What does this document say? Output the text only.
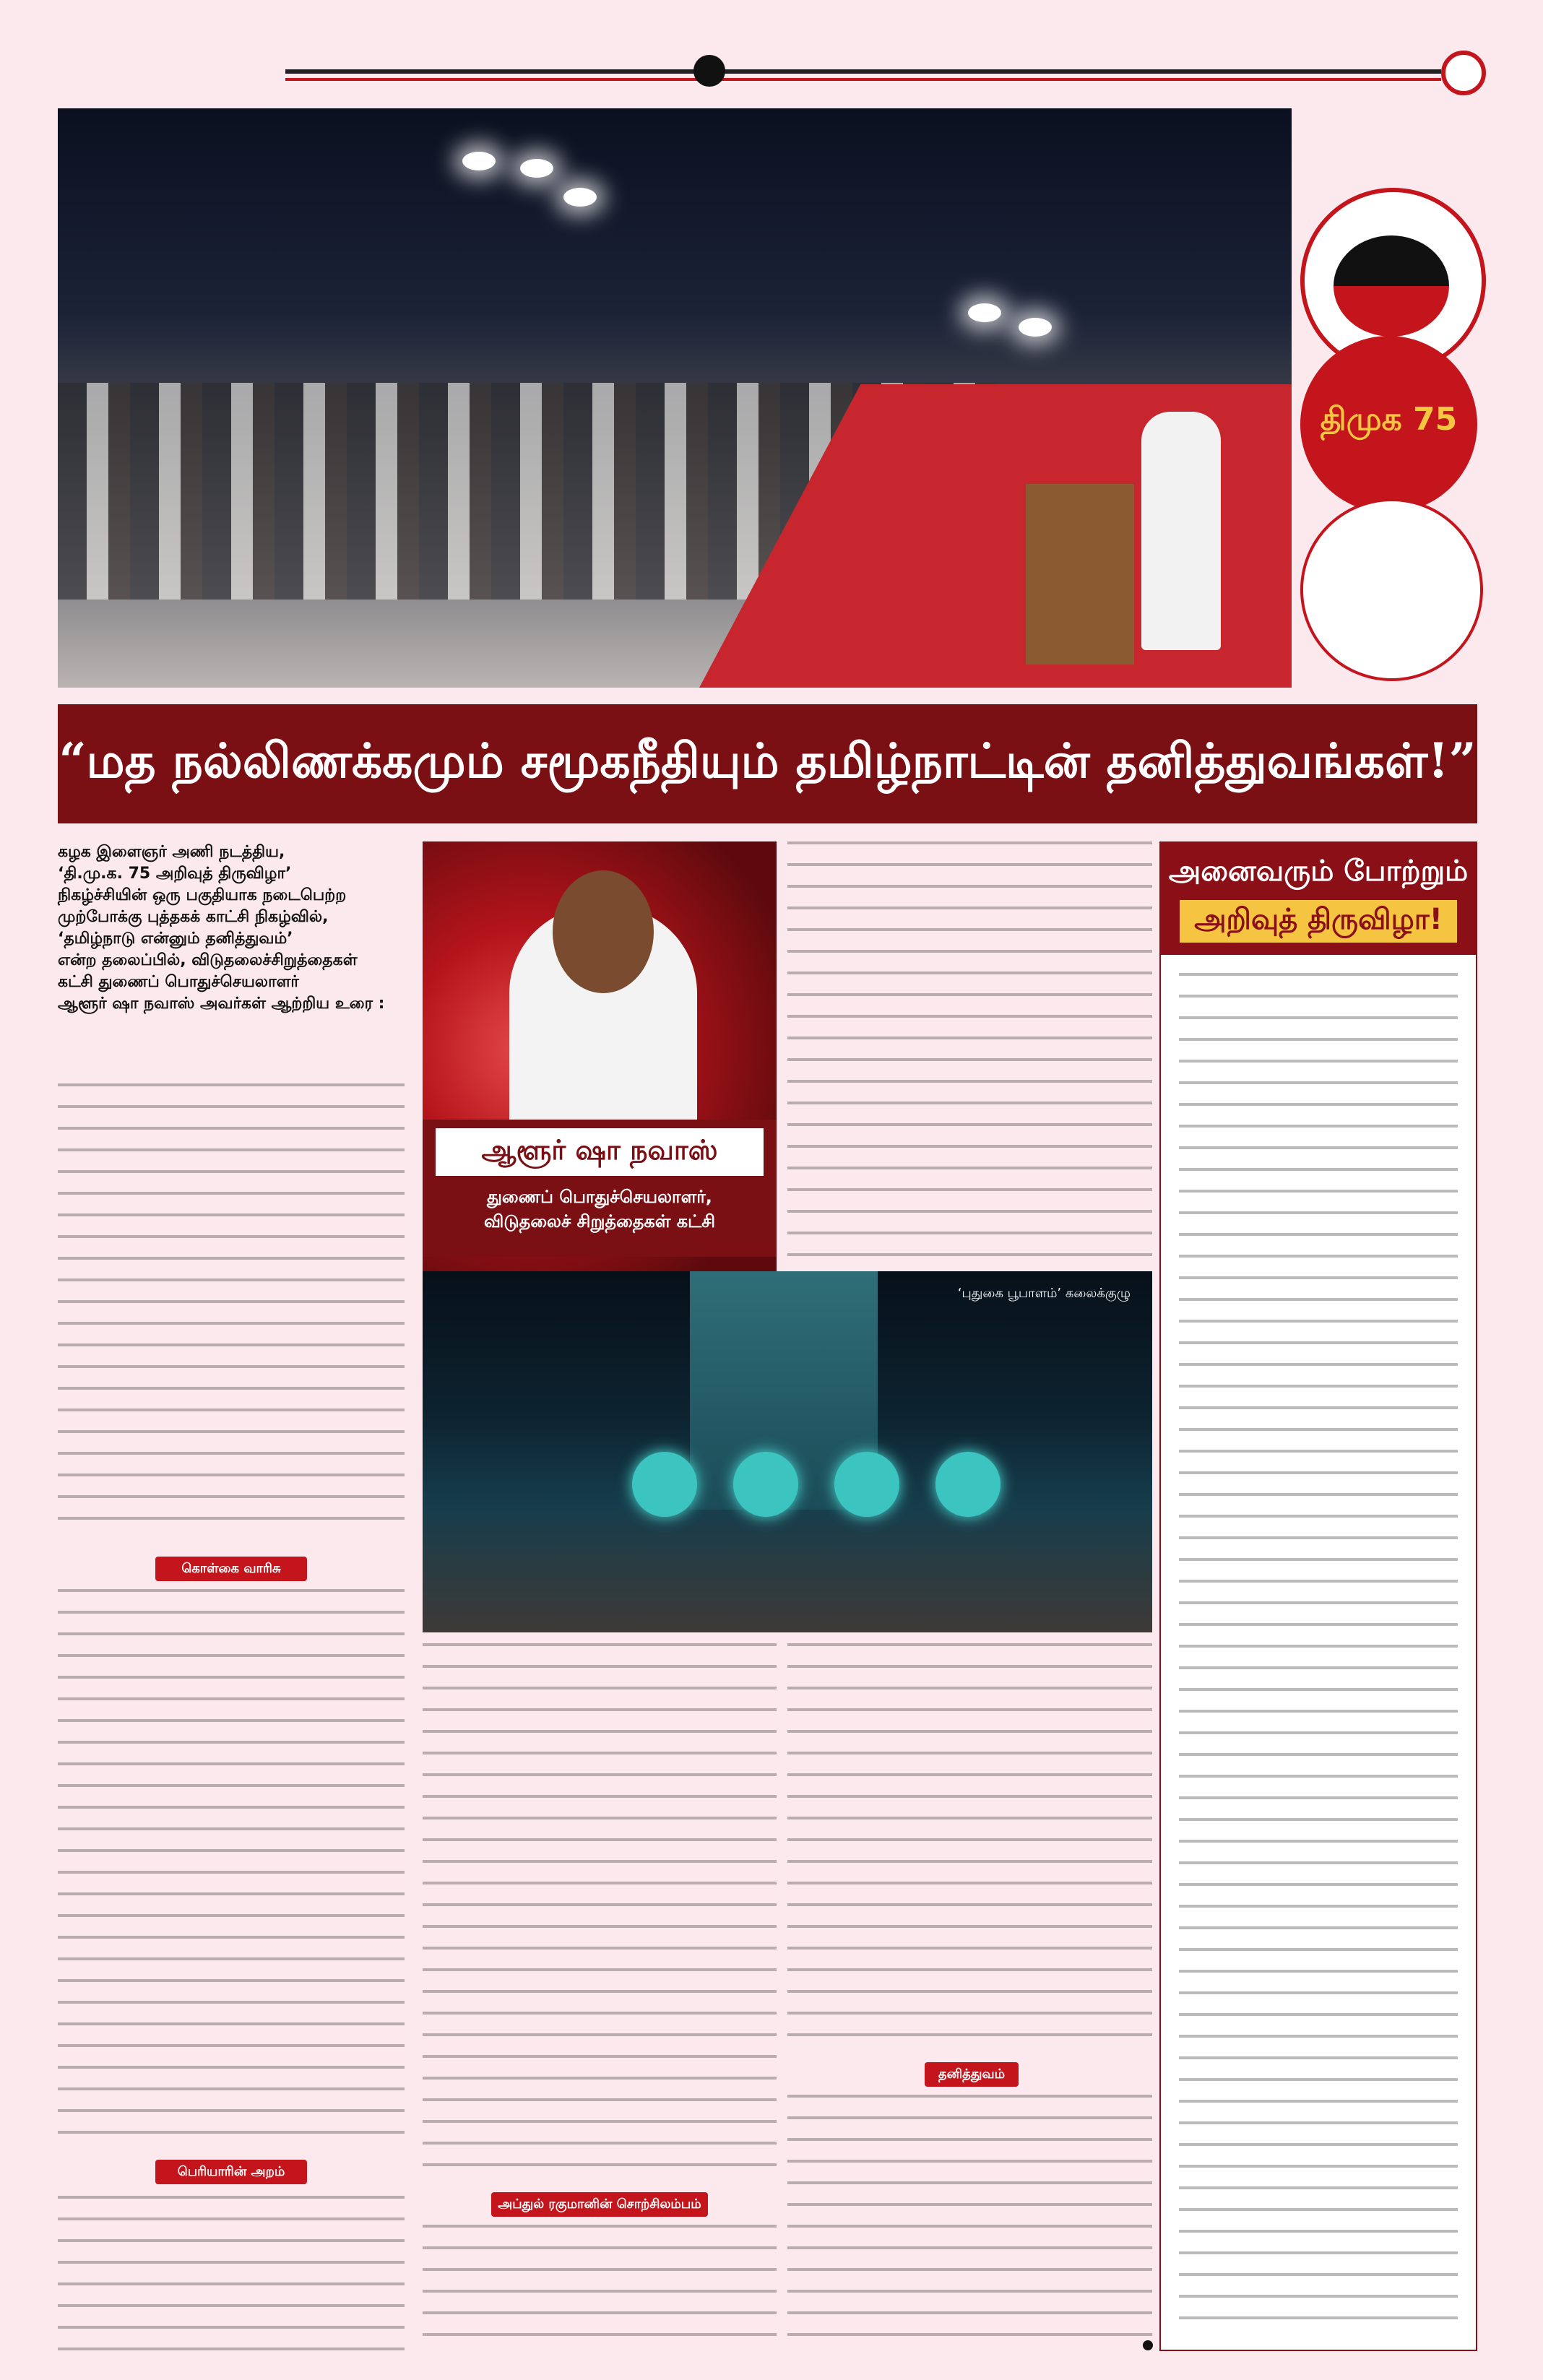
திமுக 75
“மத நல்லிணக்கமும் சமூகநீதியும் தமிழ்நாட்டின் தனித்துவங்கள்!”

கழக இளைஞர் அணி நடத்திய,

‘தி.மு.க. 75 அறிவுத் திருவிழா’

நிகழ்ச்சியின் ஒரு பகுதியாக நடைபெற்ற

முற்போக்கு புத்தகக் காட்சி நிகழ்வில்,

‘தமிழ்நாடு என்னும் தனித்துவம்’

என்ற தலைப்பில், விடுதலைச்சிறுத்தைகள்

கட்சி துணைப் பொதுச்செயலாளர்

ஆளூர் ஷா நவாஸ் அவர்கள் ஆற்றிய உரை :

கொள்கை வாரிசு
பெரியாரின் அறம்
ஆளூர் ஷா நவாஸ்
துணைப் பொதுச்செயலாளர்,
விடுதலைச் சிறுத்தைகள் கட்சி
‘புதுகை பூபாளம்’ கலைக்குழு
அப்துல் ரகுமானின் சொற்சிலம்பம்
தனித்துவம்
அனைவரும் போற்றும்
அறிவுத் திருவிழா!
